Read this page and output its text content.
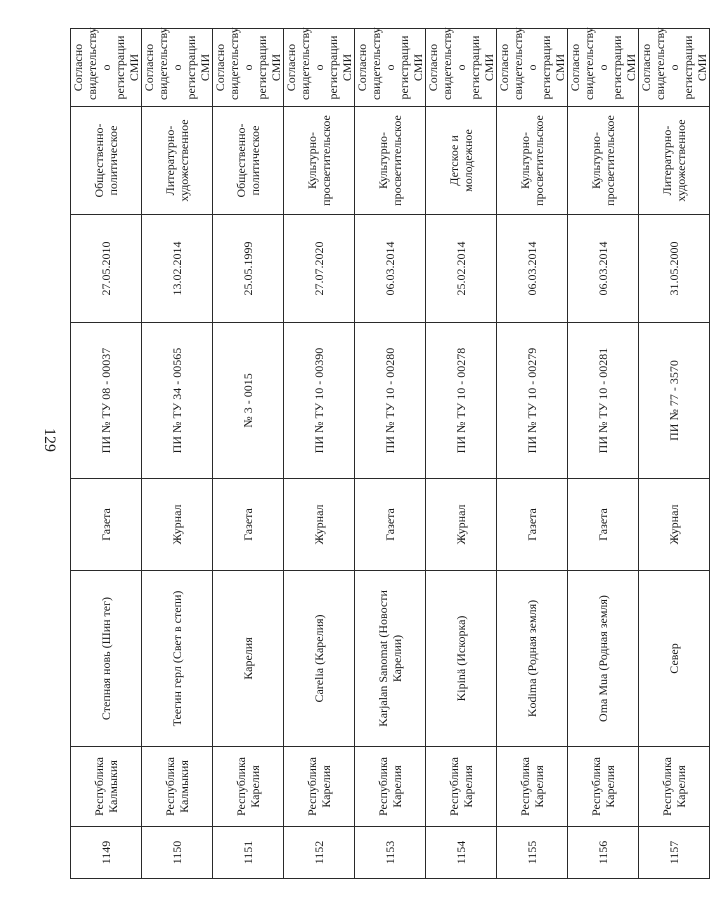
129
1149	Республика Калмыкия	Степная новь (Шин тег)	Газета	ПИ № ТУ 08 - 00037	27.05.2010	Общественно-политическое	Согласно свидетельству о регистрации СМИ
1150	Республика Калмыкия	Теегин герл (Свет в степи)	Журнал	ПИ № ТУ 34 - 00565	13.02.2014	Литературно-художественное	Согласно свидетельству о регистрации СМИ
1151	Республика Карелия	Карелия	Газета	№ 3 - 0015	25.05.1999	Общественно-политическое	Согласно свидетельству о регистрации СМИ
1152	Республика Карелия	Carelia (Карелия)	Журнал	ПИ № ТУ 10 - 00390	27.07.2020	Культурно-просветительское	Согласно свидетельству о регистрации СМИ
1153	Республика Карелия	Karjalan Sanomat (Новости Карелии)	Газета	ПИ № ТУ 10 - 00280	06.03.2014	Культурно-просветительское	Согласно свидетельству о регистрации СМИ
1154	Республика Карелия	Kipinä (Искорка)	Журнал	ПИ № ТУ 10 - 00278	25.02.2014	Детское и молодежное	Согласно свидетельству о регистрации СМИ
1155	Республика Карелия	Kodima (Родная земля)	Газета	ПИ № ТУ 10 - 00279	06.03.2014	Культурно-просветительское	Согласно свидетельству о регистрации СМИ
1156	Республика Карелия	Oma Mua (Родная земля)	Газета	ПИ № ТУ 10 - 00281	06.03.2014	Культурно-просветительское	Согласно свидетельству о регистрации СМИ
1157	Республика Карелия	Север	Журнал	ПИ № 77 - 3570	31.05.2000	Литературно-художественное	Согласно свидетельству о регистрации СМИ
